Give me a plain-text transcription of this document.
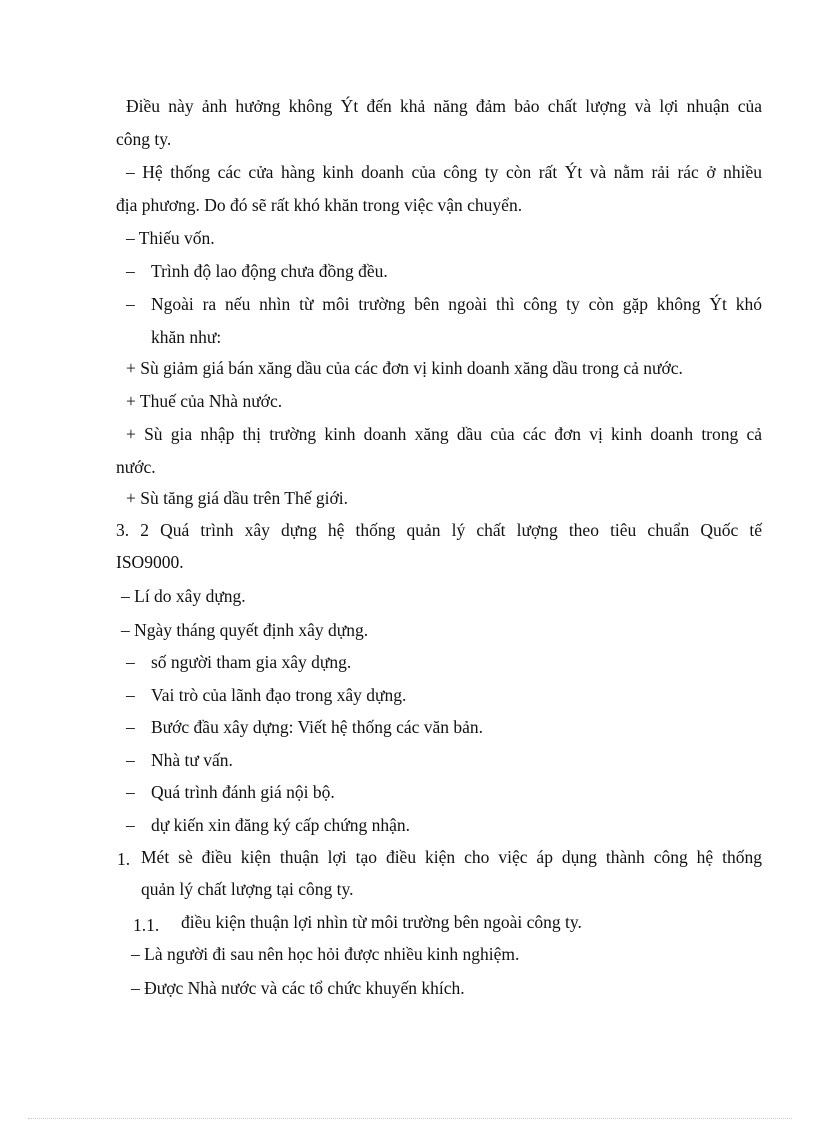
Điều này ảnh hưởng không Ýt đến khả năng đảm bảo chất lượng và lợi nhuận của
công ty.
– Hệ thống các cửa hàng kinh doanh của công ty còn rất Ýt và nằm rải rác ở nhiều
địa phương. Do đó sẽ rất khó khăn trong việc vận chuyển.
– Thiếu vốn.
– Trình độ lao động chưa đồng đều.
– Ngoài ra nếu nhìn từ môi trường bên ngoài thì công ty còn gặp không Ýt khó
khăn như:
+ Sù giảm giá bán xăng dầu của các đơn vị kinh doanh xăng dầu trong cả nước.
+ Thuế của Nhà nước.
+ Sù gia nhập thị trường kinh doanh xăng dầu của các đơn vị kinh doanh trong cả
nước.
+ Sù tăng giá dầu trên Thế giới.
3. 2 Quá trình xây dựng hệ thống quản lý chất lượng theo tiêu chuẩn Quốc tế
ISO9000.
– Lí do xây dựng.
– Ngày tháng quyết định xây dựng.
– số người tham gia xây dựng.
– Vai trò của lãnh đạo trong xây dựng.
– Bước đầu xây dựng: Viết hệ thống các văn bản.
– Nhà tư vấn.
– Quá trình đánh giá nội bộ.
– dự kiến xin đăng ký cấp chứng nhận.
1. Mét sè điều kiện thuận lợi tạo điều kiện cho việc áp dụng thành công hệ thống
quản lý chất lượng tại công ty.
1.1. điều kiện thuận lợi nhìn từ môi trường bên ngoài công ty.
– Là người đi sau nên học hỏi được nhiều kinh nghiệm.
– Được Nhà nước và các tổ chức khuyến khích.
